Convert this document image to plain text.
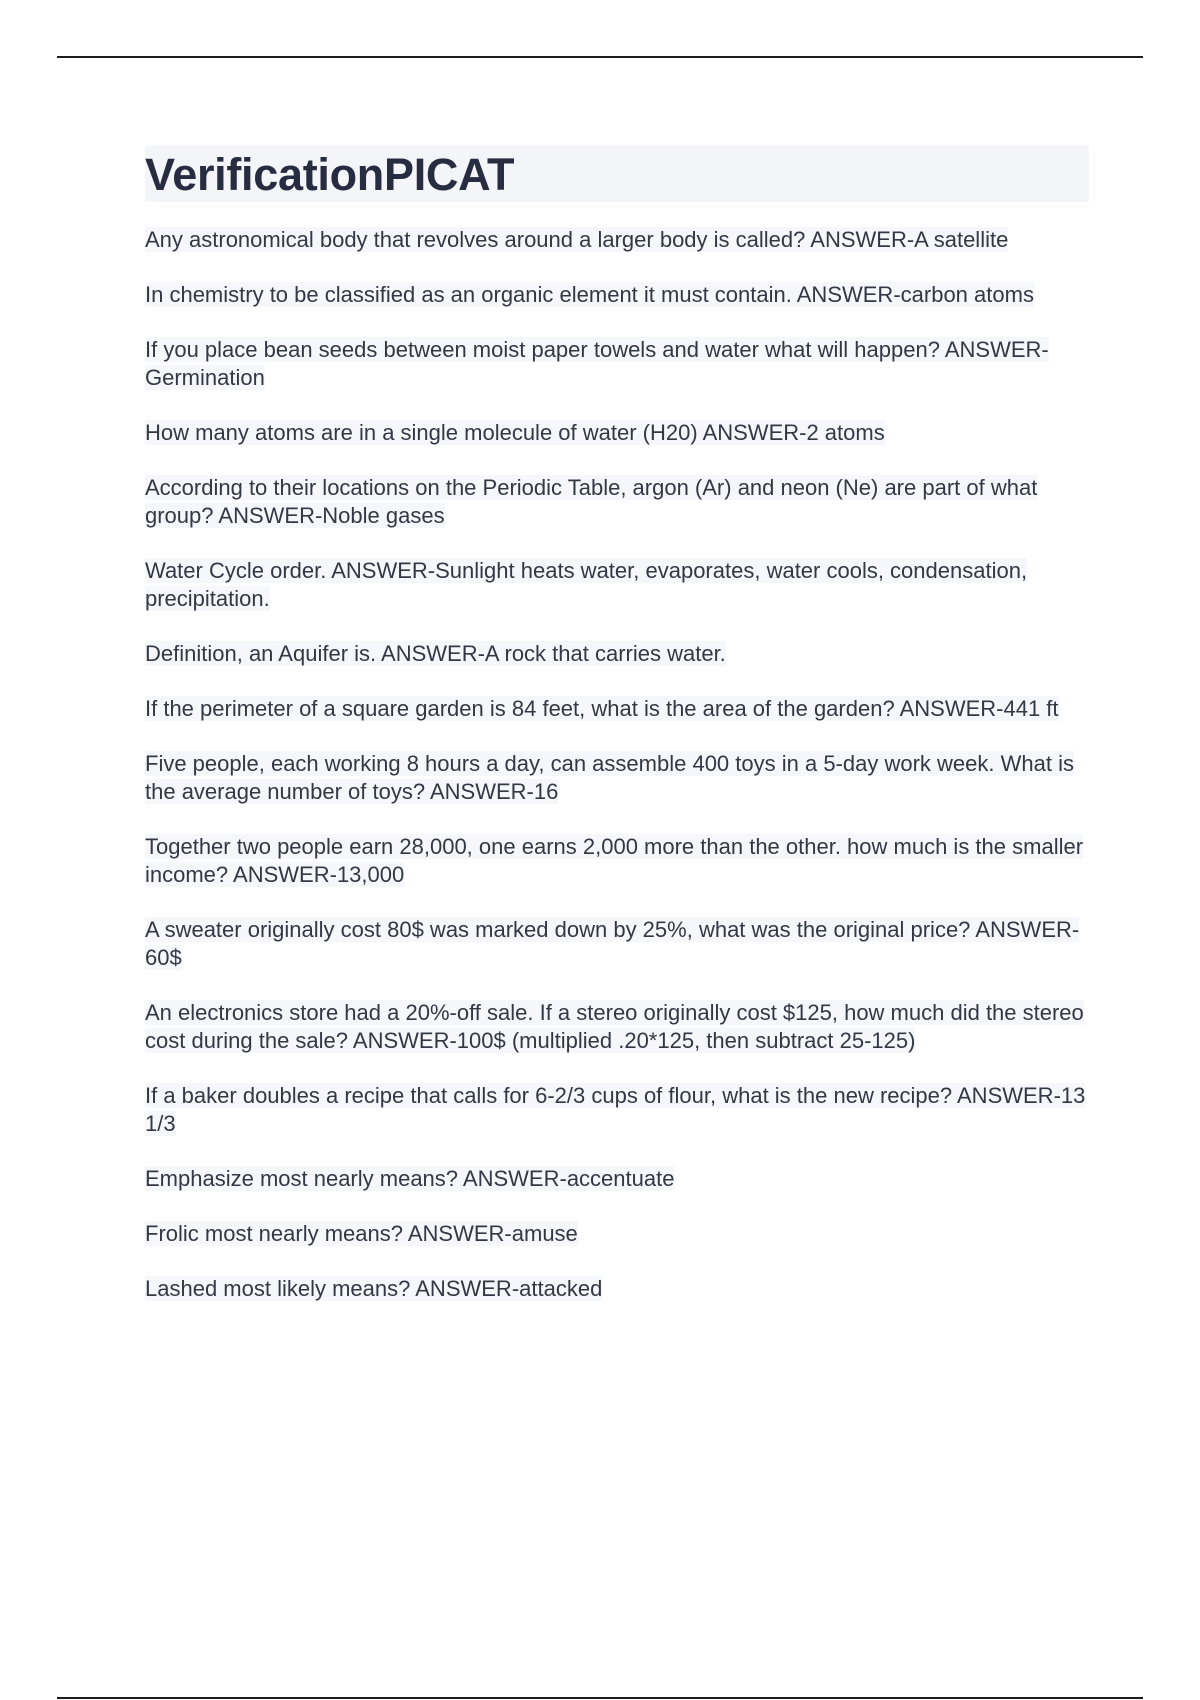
VerificationPICAT
Any astronomical body that revolves around a larger body is called? ANSWER-A satellite
In chemistry to be classified as an organic element it must contain. ANSWER-carbon atoms
If you place bean seeds between moist paper towels and water what will happen? ANSWER-Germination
How many atoms are in a single molecule of water (H20) ANSWER-2 atoms
According to their locations on the Periodic Table, argon (Ar) and neon (Ne) are part of what group? ANSWER-Noble gases
Water Cycle order. ANSWER-Sunlight heats water, evaporates, water cools, condensation, precipitation.
Definition, an Aquifer is. ANSWER-A rock that carries water.
If the perimeter of a square garden is 84 feet, what is the area of the garden? ANSWER-441 ft
Five people, each working 8 hours a day, can assemble 400 toys in a 5-day work week. What is the average number of toys? ANSWER-16
Together two people earn 28,000, one earns 2,000 more than the other. how much is the smaller income? ANSWER-13,000
A sweater originally cost 80$ was marked down by 25%, what was the original price? ANSWER-60$
An electronics store had a 20%-off sale. If a stereo originally cost $125, how much did the stereo cost during the sale? ANSWER-100$ (multiplied .20*125, then subtract 25-125)
If a baker doubles a recipe that calls for 6-2/3 cups of flour, what is the new recipe? ANSWER-13 1/3
Emphasize most nearly means? ANSWER-accentuate
Frolic most nearly means? ANSWER-amuse
Lashed most likely means? ANSWER-attacked
